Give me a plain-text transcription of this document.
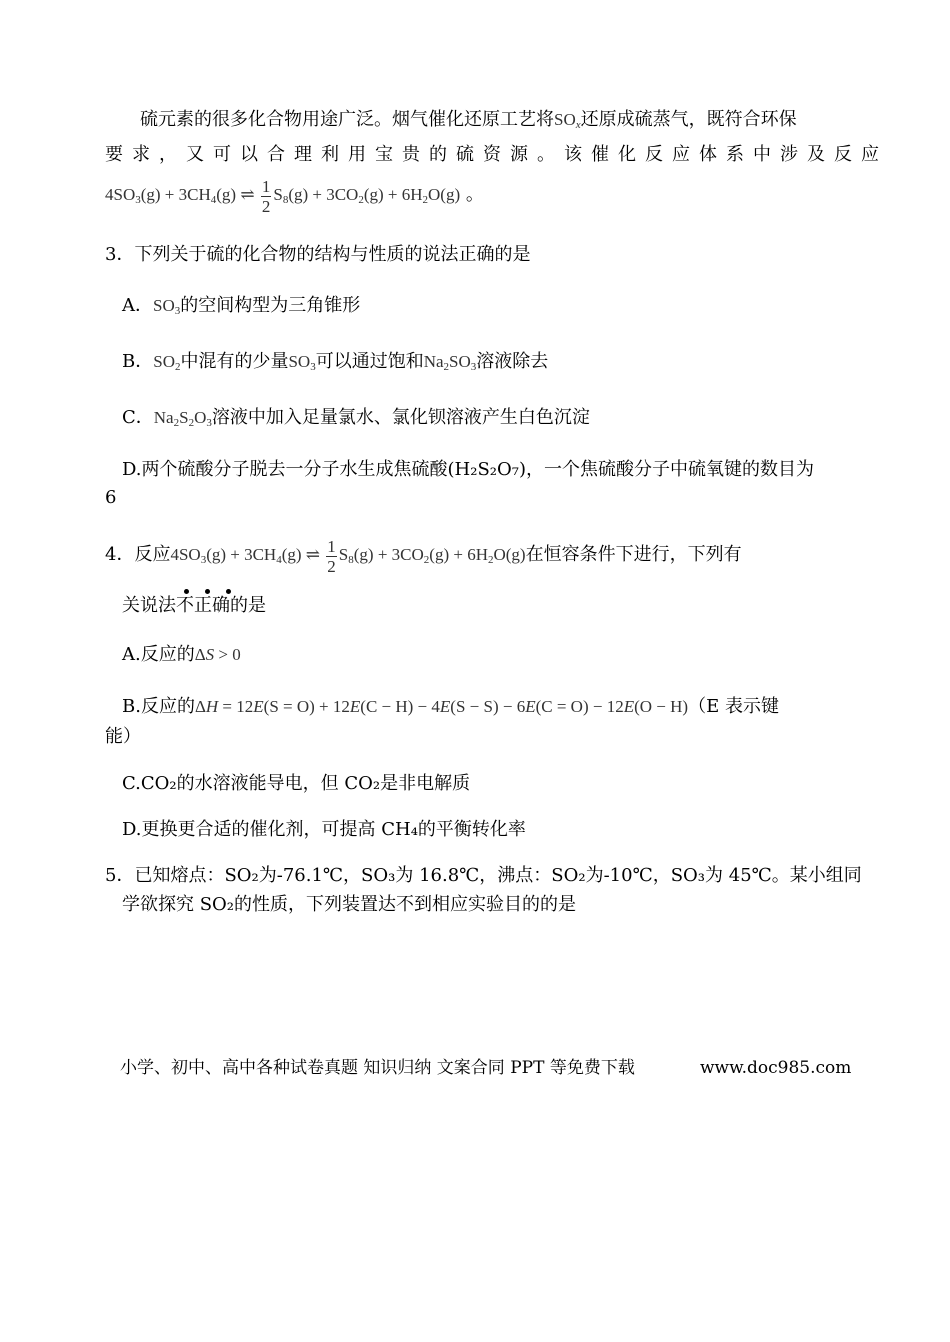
硫元素的很多化合物用途广泛。烟气催化还原工艺将$SO_x$还原成硫蒸气，既符合环保
要求，又可以合理利用宝贵的硫资源。该催化反应体系中涉及反应
$4SO_3(g) + 3CH_4(g)$ ⇌ $\frac{1}{2} S_8(g) + 3CO_2(g) + 6H_2O(g)$ 。
3．下列关于硫的化合物的结构与性质的说法正确的是
A．$SO_3$的空间构型为三角锥形
B．$SO_2$中混有的少量$SO_3$可以通过饱和$Na_2SO_3$溶液除去
C．$Na_2S_2O_3$溶液中加入足量氯水、氯化钡溶液产生白色沉淀
D.两个硫酸分子脱去一分子水生成焦硫酸(H₂S₂O₇)，一个焦硫酸分子中硫氧键的数目为
6
4．反应$4SO_3(g) + 3CH_4(g)$ ⇌ $\frac{1}{2} S_8(g) + 3CO_2(g) + 6H_2O(g)$在恒容条件下进行，下列有
关说法不正确的是
A.反应的ΔS > 0
B.反应的ΔH = 12E(S = O) + 12E(C − H) − 4E(S − S) − 6E(C = O) − 12E(O − H)（E 表示键
能）
C.CO₂的水溶液能导电，但 CO₂是非电解质
D.更换更合适的催化剂，可提高 CH₄的平衡转化率
5．已知熔点：SO₂为-76.1℃，SO₃为 16.8℃，沸点：SO₂为-10℃，SO₃为 45℃。某小组同
学欲探究 SO₂的性质，下列装置达不到相应实验目的的是
小学、初中、高中各种试卷真题 知识归纳 文案合同 PPT 等免费下载	www.doc985.com
